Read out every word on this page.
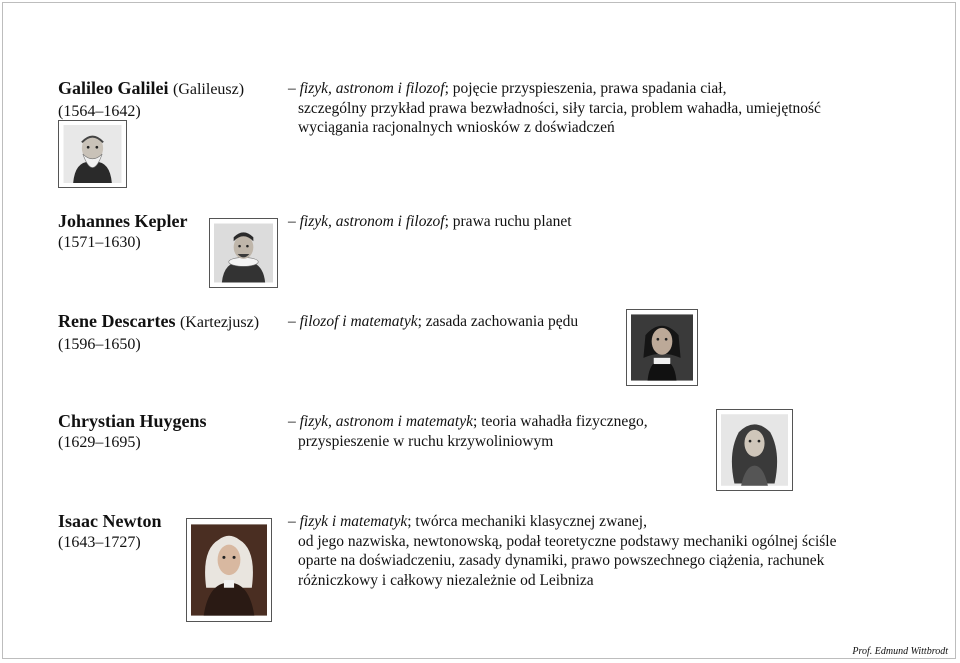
Galileo Galilei (Galileusz)
(1564–1642)
– fizyk, astronom i filozof; pojęcie przyspieszenia, prawa spadania ciał,
szczególny przykład prawa bezwładności, siły tarcia, problem wahadła, umiejętność
wyciągania racjonalnych wniosków z doświadczeń
Johannes Kepler
(1571–1630)
– fizyk, astronom i filozof; prawa ruchu planet
Rene Descartes (Kartezjusz)
(1596–1650)
– filozof i matematyk; zasada zachowania pędu
Chrystian Huygens
(1629–1695)
– fizyk, astronom i matematyk; teoria wahadła fizycznego,
przyspieszenie w ruchu krzywoliniowym
Isaac Newton
(1643–1727)
– fizyk i matematyk; twórca mechaniki klasycznej zwanej,
od jego nazwiska, newtonowską, podał teoretyczne podstawy mechaniki ogólnej ściśle
oparte na doświadczeniu, zasady dynamiki, prawo powszechnego ciążenia, rachunek
różniczkowy i całkowy niezależnie od Leibniza
Prof. Edmund Wittbrodt
